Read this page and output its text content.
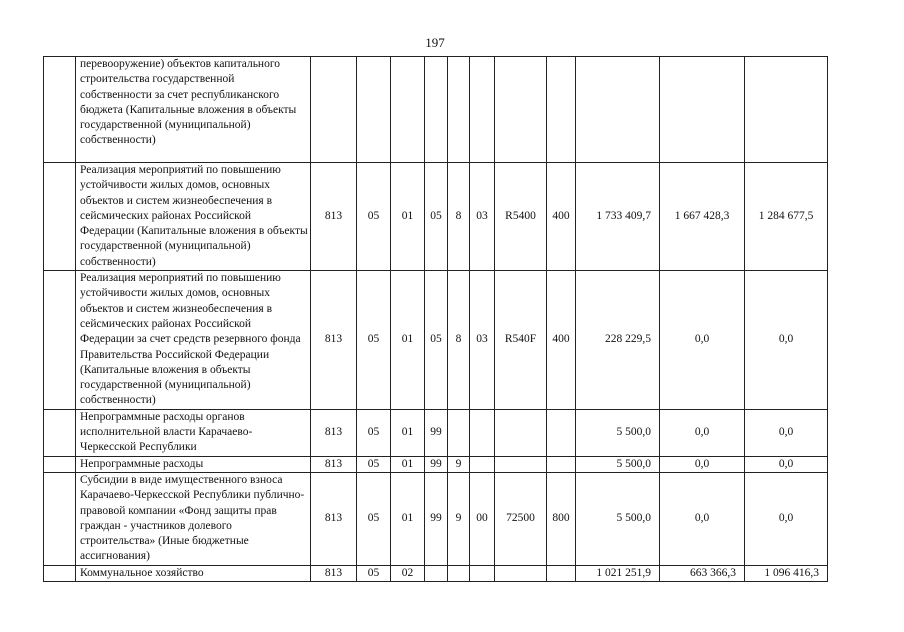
197
	перевооружение) объектов капитального строительства государственной собственности за счет республиканского бюджета (Капитальные вложения в объекты государственной (муниципальной) собственности)											
	Реализация мероприятий по повышению устойчивости жилых домов, основных объектов и систем жизнеобеспечения в сейсмических районах Российской Федерации (Капитальные вложения в объекты государственной (муниципальной) собственности)	813	05	01	05	8	03	R5400	400	1 733 409,7	1 667 428,3	1 284 677,5
	Реализация мероприятий по повышению устойчивости жилых домов, основных объектов и систем жизнеобеспечения в сейсмических районах Российской Федерации за счет средств резервного фонда Правительства Российской Федерации (Капитальные вложения в объекты государственной (муниципальной) собственности)	813	05	01	05	8	03	R540F	400	228 229,5	0,0	0,0
	Непрограммные расходы органов исполнительной власти Карачаево-Черкесской Республики	813	05	01	99					5 500,0	0,0	0,0
	Непрограммные расходы	813	05	01	99	9				5 500,0	0,0	0,0
	Субсидии в виде имущественного взноса Карачаево-Черкесской Республики публично-правовой компании «Фонд защиты прав граждан - участников долевого строительства» (Иные бюджетные ассигнования)	813	05	01	99	9	00	72500	800	5 500,0	0,0	0,0
	Коммунальное хозяйство	813	05	02						1 021 251,9	663 366,3	1 096 416,3
